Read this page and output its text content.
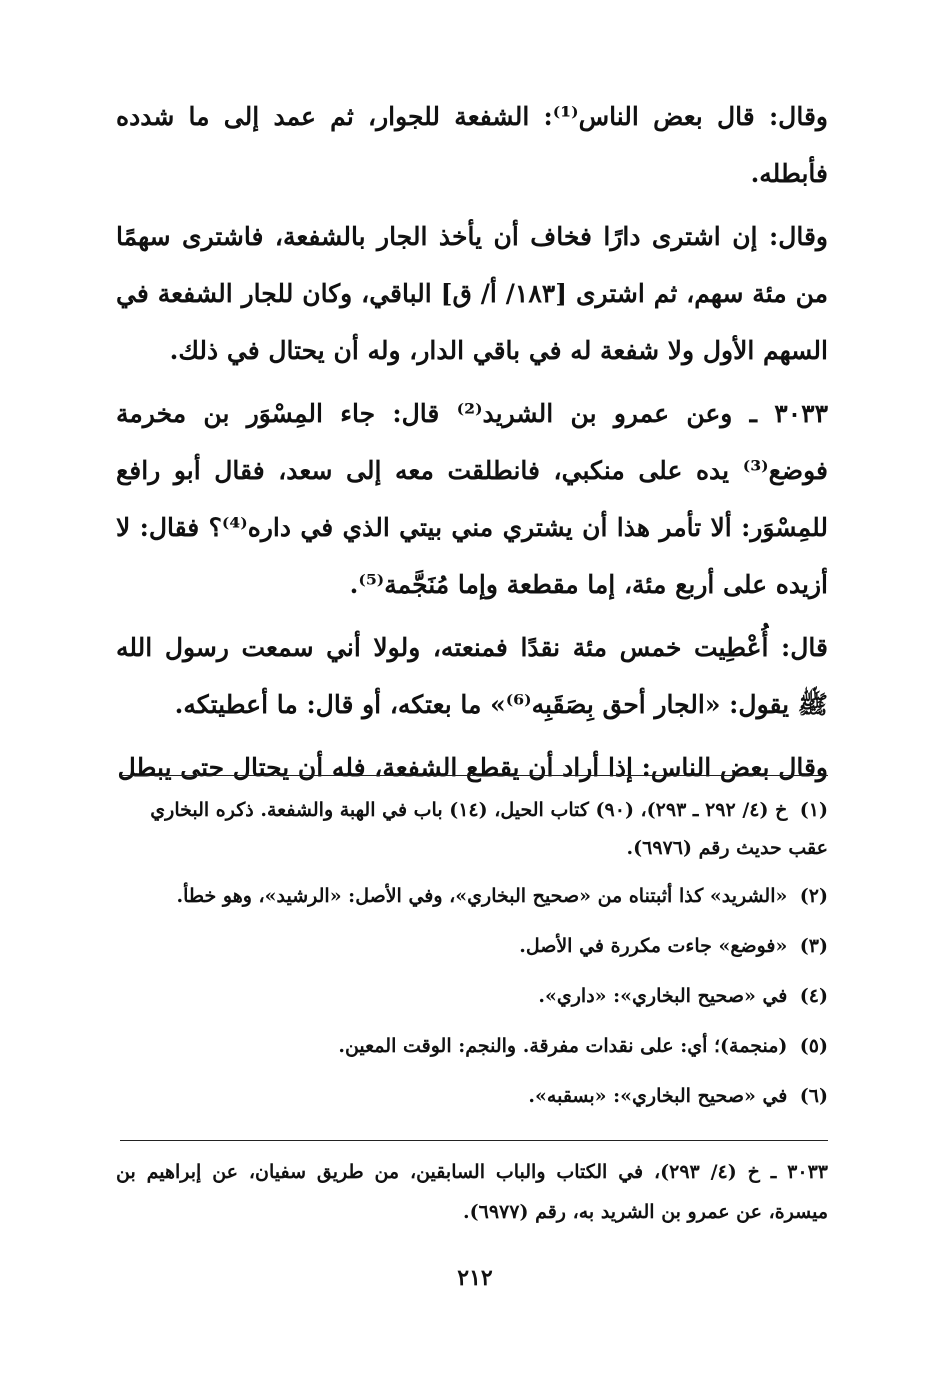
وقال: قال بعض الناس⁽¹⁾: الشفعة للجوار، ثم عمد إلى ما شدده فأبطله.

وقال: إن اشترى دارًا فخاف أن يأخذ الجار بالشفعة، فاشترى سهمًا من مئة سهم، ثم اشترى [١٨٣/ أ/ ق] الباقي، وكان للجار الشفعة في السهم الأول ولا شفعة له في باقي الدار، وله أن يحتال في ذلك.

٣٠٣٣ ـ وعن عمرو بن الشريد⁽²⁾ قال: جاء المِسْوَر بن مخرمة فوضع⁽³⁾ يده على منكبي، فانطلقت معه إلى سعد، فقال أبو رافع للمِسْوَر: ألا تأمر هذا أن يشتري مني بيتي الذي في داره⁽⁴⁾؟ فقال: لا أزيده على أربع مئة، إما مقطعة وإما مُنَجَّمة⁽⁵⁾.

قال: أُعْطِيت خمس مئة نقدًا فمنعته، ولولا أني سمعت رسول الله ﷺ يقول: «الجار أحق بِصَقَبِه⁽⁶⁾» ما بعتكه، أو قال: ما أعطيتكه.

وقال بعض الناس: إذا أراد أن يقطع الشفعة، فله أن يحتال حتى يبطل

(١) خ (٤/ ٢٩٢ ـ ٢٩٣)، (٩٠) كتاب الحيل، (١٤) باب في الهبة والشفعة. ذكره البخاري عقب حديث رقم (٦٩٧٦).

(٢) «الشريد» كذا أثبتناه من «صحيح البخاري»، وفي الأصل: «الرشيد»، وهو خطأ.

(٣) «فوضع» جاءت مكررة في الأصل.

(٤) في «صحيح البخاري»: «داري».

(٥) (منجمة)؛ أي: على نقدات مفرقة. والنجم: الوقت المعين.

(٦) في «صحيح البخاري»: «بسقبه».

٣٠٣٣ ـ خ (٤/ ٢٩٣)، في الكتاب والباب السابقين، من طريق سفيان، عن إبراهيم بن ميسرة، عن عمرو بن الشريد به، رقم (٦٩٧٧).

٢١٢
